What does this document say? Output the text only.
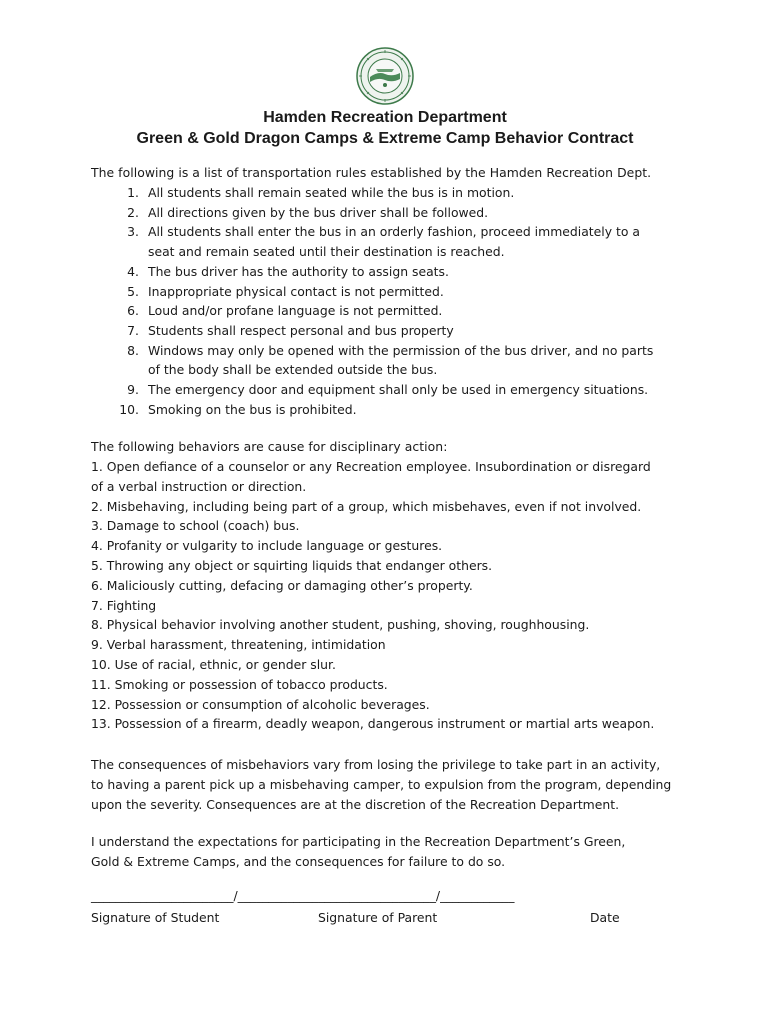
Hamden Recreation Department
Green & Gold Dragon Camps & Extreme Camp Behavior Contract
The following is a list of transportation rules established by the Hamden Recreation Dept.
1. All students shall remain seated while the bus is in motion.
2. All directions given by the bus driver shall be followed.
3. All students shall enter the bus in an orderly fashion, proceed immediately to a
seat and remain seated until their destination is reached.
4. The bus driver has the authority to assign seats.
5. Inappropriate physical contact is not permitted.
6. Loud and/or profane language is not permitted.
7. Students shall respect personal and bus property
8. Windows may only be opened with the permission of the bus driver, and no parts
of the body shall be extended outside the bus.
9. The emergency door and equipment shall only be used in emergency situations.
10. Smoking on the bus is prohibited.
The following behaviors are cause for disciplinary action:
1. Open defiance of a counselor or any Recreation employee. Insubordination or disregard
of a verbal instruction or direction.
2. Misbehaving, including being part of a group, which misbehaves, even if not involved.
3. Damage to school (coach) bus.
4. Profanity or vulgarity to include language or gestures.
5. Throwing any object or squirting liquids that endanger others.
6. Maliciously cutting, defacing or damaging other’s property.
7. Fighting
8. Physical behavior involving another student, pushing, shoving, roughhousing.
9. Verbal harassment, threatening, intimidation
10. Use of racial, ethnic, or gender slur.
11. Smoking or possession of tobacco products.
12. Possession or consumption of alcoholic beverages.
13. Possession of a firearm, deadly weapon, dangerous instrument or martial arts weapon.
The consequences of misbehaviors vary from losing the privilege to take part in an activity,
to having a parent pick up a misbehaving camper, to expulsion from the program, depending
upon the severity. Consequences are at the discretion of the Recreation Department.
I understand the expectations for participating in the Recreation Department’s Green,
Gold & Extreme Camps, and the consequences for failure to do so.
_______________________/________________________________/____________
Signature of Student	Signature of Parent	Date
